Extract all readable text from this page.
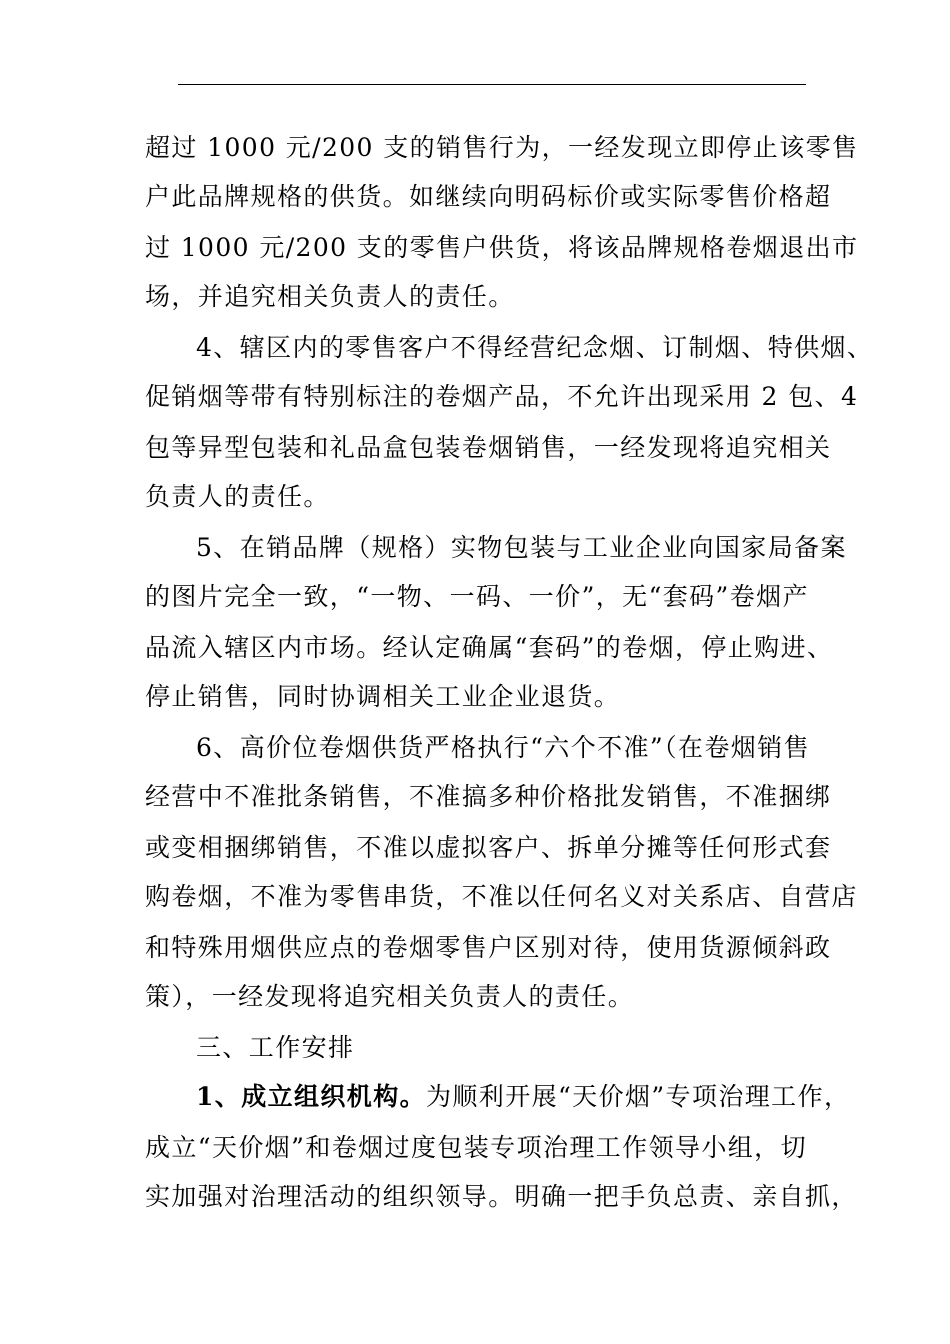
超过 1000 元/200 支的销售行为，一经发现立即停止该零售
户此品牌规格的供货。如继续向明码标价或实际零售价格超
过 1000 元/200 支的零售户供货，将该品牌规格卷烟退出市
场，并追究相关负责人的责任。
4、辖区内的零售客户不得经营纪念烟、订制烟、特供烟、
促销烟等带有特别标注的卷烟产品，不允许出现采用 2 包、4
包等异型包装和礼品盒包装卷烟销售，一经发现将追究相关
负责人的责任。
5、在销品牌（规格）实物包装与工业企业向国家局备案
的图片完全一致，“一物、一码、一价”，无“套码”卷烟产
品流入辖区内市场。经认定确属“套码”的卷烟，停止购进、
停止销售，同时协调相关工业企业退货。
6、高价位卷烟供货严格执行“六个不准”（在卷烟销售
经营中不准批条销售，不准搞多种价格批发销售，不准捆绑
或变相捆绑销售，不准以虚拟客户、拆单分摊等任何形式套
购卷烟，不准为零售串货，不准以任何名义对关系店、自营店
和特殊用烟供应点的卷烟零售户区别对待，使用货源倾斜政
策），一经发现将追究相关负责人的责任。
三、工作安排
1、成立组织机构。为顺利开展“天价烟”专项治理工作，
成立“天价烟”和卷烟过度包装专项治理工作领导小组，切
实加强对治理活动的组织领导。明确一把手负总责、亲自抓，
